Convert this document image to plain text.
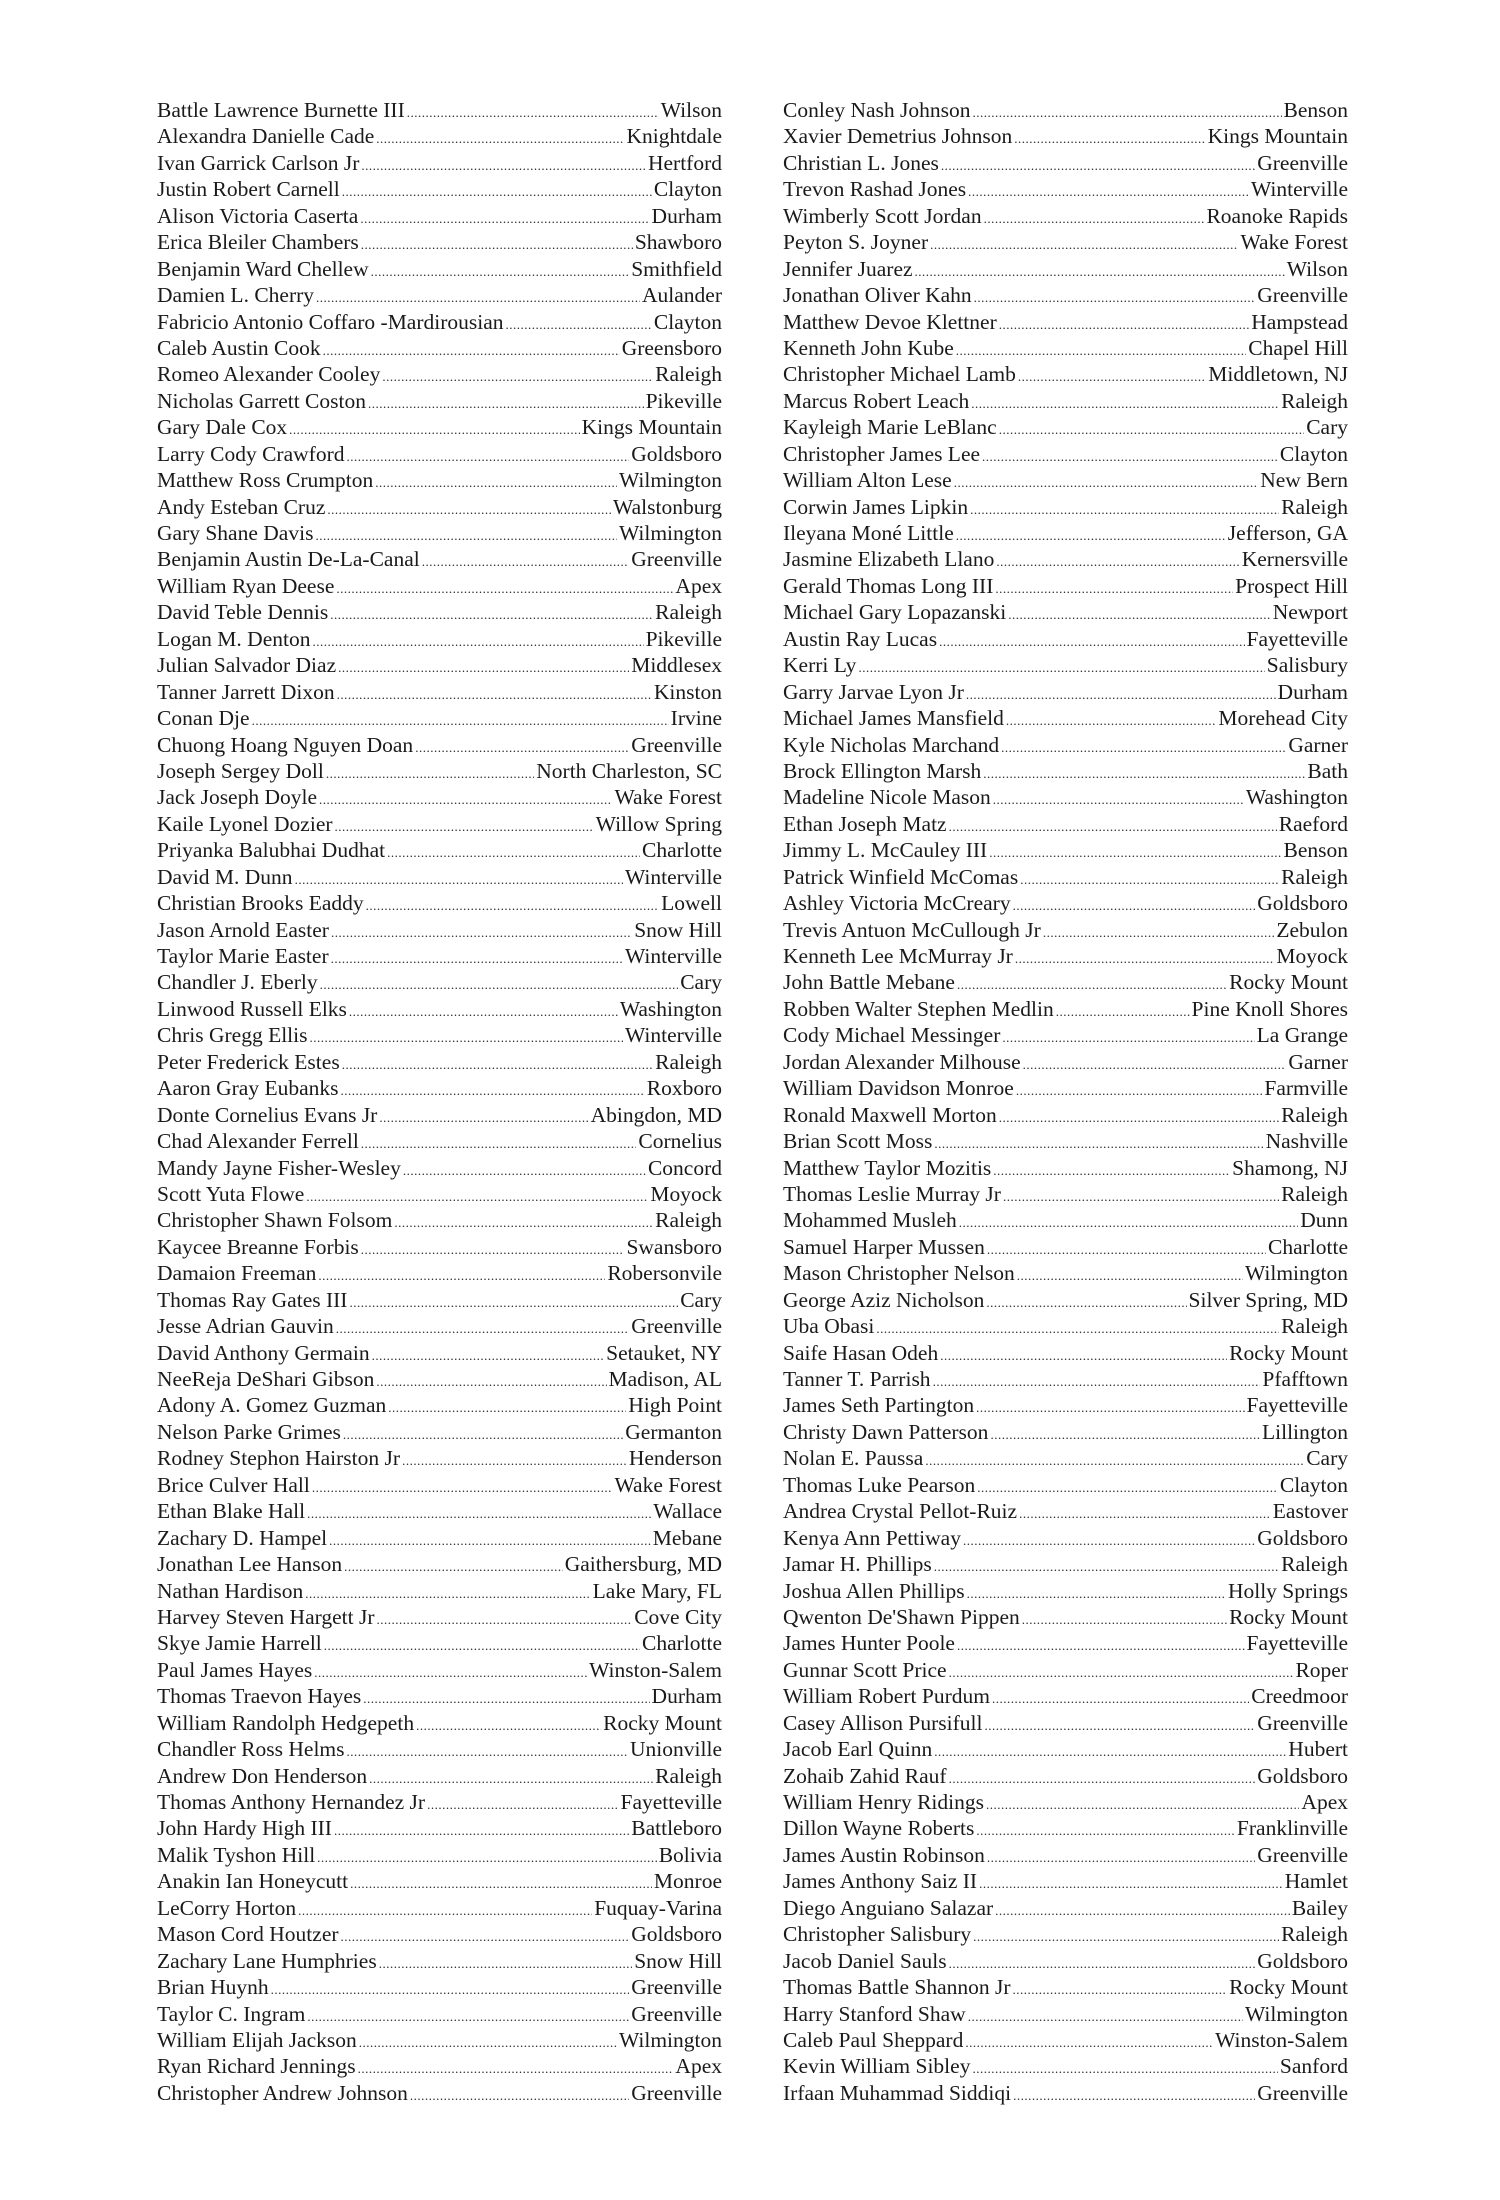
Battle Lawrence Burnette III .....	Wilson
Alexandra Danielle Cade .....	Knightdale
Ivan Garrick Carlson Jr .....	Hertford
Justin Robert Carnell .....	Clayton
Alison Victoria Caserta .....	Durham
Erica Bleiler Chambers .....	Shawboro
Benjamin Ward Chellew .....	Smithfield
Damien L. Cherry .....	Aulander
Fabricio Antonio Coffaro -Mardirousian .....	Clayton
Caleb Austin Cook .....	Greensboro
Romeo Alexander Cooley .....	Raleigh
Nicholas Garrett Coston .....	Pikeville
Gary Dale Cox .....	Kings Mountain
Larry Cody Crawford .....	Goldsboro
Matthew Ross Crumpton .....	Wilmington
Andy Esteban Cruz .....	Walstonburg
Gary Shane Davis .....	Wilmington
Benjamin Austin De-La-Canal .....	Greenville
William Ryan Deese .....	Apex
David Teble Dennis .....	Raleigh
Logan M. Denton .....	Pikeville
Julian Salvador Diaz .....	Middlesex
Tanner Jarrett Dixon .....	Kinston
Conan Dje .....	Irvine
Chuong Hoang Nguyen Doan .....	Greenville
Joseph Sergey Doll .....	North Charleston, SC
Jack Joseph Doyle .....	Wake Forest
Kaile Lyonel Dozier .....	Willow Spring
Priyanka Balubhai Dudhat .....	Charlotte
David M. Dunn .....	Winterville
Christian Brooks Eaddy .....	Lowell
Jason Arnold Easter .....	Snow Hill
Taylor Marie Easter .....	Winterville
Chandler J. Eberly .....	Cary
Linwood Russell Elks .....	Washington
Chris Gregg Ellis .....	Winterville
Peter Frederick Estes .....	Raleigh
Aaron Gray Eubanks .....	Roxboro
Donte Cornelius Evans Jr .....	Abingdon, MD
Chad Alexander Ferrell .....	Cornelius
Mandy Jayne Fisher-Wesley .....	Concord
Scott Yuta Flowe .....	Moyock
Christopher Shawn Folsom .....	Raleigh
Kaycee Breanne Forbis .....	Swansboro
Damaion Freeman .....	Robersonvile
Thomas Ray Gates III .....	Cary
Jesse Adrian Gauvin .....	Greenville
David Anthony Germain .....	Setauket, NY
NeeReja DeShari Gibson .....	Madison, AL
Adony A. Gomez Guzman .....	High Point
Nelson Parke Grimes .....	Germanton
Rodney Stephon Hairston Jr .....	Henderson
Brice Culver Hall .....	Wake Forest
Ethan Blake Hall .....	Wallace
Zachary D. Hampel .....	Mebane
Jonathan Lee Hanson .....	Gaithersburg, MD
Nathan Hardison .....	Lake Mary, FL
Harvey Steven Hargett Jr .....	Cove City
Skye Jamie Harrell .....	Charlotte
Paul James Hayes .....	Winston-Salem
Thomas Traevon Hayes .....	Durham
William Randolph Hedgepeth .....	Rocky Mount
Chandler Ross Helms .....	Unionville
Andrew Don Henderson .....	Raleigh
Thomas Anthony Hernandez Jr .....	Fayetteville
John Hardy High III .....	Battleboro
Malik Tyshon Hill .....	Bolivia
Anakin Ian Honeycutt .....	Monroe
LeCorry Horton .....	Fuquay-Varina
Mason Cord Houtzer .....	Goldsboro
Zachary Lane Humphries .....	Snow Hill
Brian Huynh .....	Greenville
Taylor C. Ingram .....	Greenville
William Elijah Jackson .....	Wilmington
Ryan Richard Jennings .....	Apex
Christopher Andrew Johnson .....	Greenville
Conley Nash Johnson .....	Benson
Xavier Demetrius Johnson .....	Kings Mountain
Christian L. Jones .....	Greenville
Trevon Rashad Jones .....	Winterville
Wimberly Scott Jordan .....	Roanoke Rapids
Peyton S. Joyner .....	Wake Forest
Jennifer Juarez .....	Wilson
Jonathan Oliver Kahn .....	Greenville
Matthew Devoe Klettner .....	Hampstead
Kenneth John Kube .....	Chapel Hill
Christopher Michael Lamb .....	Middletown, NJ
Marcus Robert Leach .....	Raleigh
Kayleigh Marie LeBlanc .....	Cary
Christopher James Lee .....	Clayton
William Alton Lese .....	New Bern
Corwin James Lipkin .....	Raleigh
Ileyana Moné Little .....	Jefferson, GA
Jasmine Elizabeth Llano .....	Kernersville
Gerald Thomas Long III .....	Prospect Hill
Michael Gary Lopazanski .....	Newport
Austin Ray Lucas .....	Fayetteville
Kerri Ly .....	Salisbury
Garry Jarvae Lyon Jr .....	Durham
Michael James Mansfield .....	Morehead City
Kyle Nicholas Marchand .....	Garner
Brock Ellington Marsh .....	Bath
Madeline Nicole Mason .....	Washington
Ethan Joseph Matz .....	Raeford
Jimmy L. McCauley III .....	Benson
Patrick Winfield McComas .....	Raleigh
Ashley Victoria McCreary .....	Goldsboro
Trevis Antuon McCullough Jr .....	Zebulon
Kenneth Lee McMurray Jr .....	Moyock
John Battle Mebane .....	Rocky Mount
Robben Walter Stephen Medlin .....	Pine Knoll Shores
Cody Michael Messinger .....	La Grange
Jordan Alexander Milhouse .....	Garner
William Davidson Monroe .....	Farmville
Ronald Maxwell Morton .....	Raleigh
Brian Scott Moss .....	Nashville
Matthew Taylor Mozitis .....	Shamong, NJ
Thomas Leslie Murray Jr .....	Raleigh
Mohammed Musleh .....	Dunn
Samuel Harper Mussen .....	Charlotte
Mason Christopher Nelson .....	Wilmington
George Aziz Nicholson .....	Silver Spring, MD
Uba Obasi .....	Raleigh
Saife Hasan Odeh .....	Rocky Mount
Tanner T. Parrish .....	Pfafftown
James Seth Partington .....	Fayetteville
Christy Dawn Patterson .....	Lillington
Nolan E. Paussa .....	Cary
Thomas Luke Pearson .....	Clayton
Andrea Crystal Pellot-Ruiz .....	Eastover
Kenya Ann Pettiway .....	Goldsboro
Jamar H. Phillips .....	Raleigh
Joshua Allen Phillips .....	Holly Springs
Qwenton De'Shawn Pippen .....	Rocky Mount
James Hunter Poole .....	Fayetteville
Gunnar Scott Price .....	Roper
William Robert Purdum .....	Creedmoor
Casey Allison Pursifull .....	Greenville
Jacob Earl Quinn .....	Hubert
Zohaib Zahid Rauf .....	Goldsboro
William Henry Ridings .....	Apex
Dillon Wayne Roberts .....	Franklinville
James Austin Robinson .....	Greenville
James Anthony Saiz II .....	Hamlet
Diego Anguiano Salazar .....	Bailey
Christopher Salisbury .....	Raleigh
Jacob Daniel Sauls .....	Goldsboro
Thomas Battle Shannon Jr .....	Rocky Mount
Harry Stanford Shaw .....	Wilmington
Caleb Paul Sheppard .....	Winston-Salem
Kevin William Sibley .....	Sanford
Irfaan Muhammad Siddiqi .....	Greenville
